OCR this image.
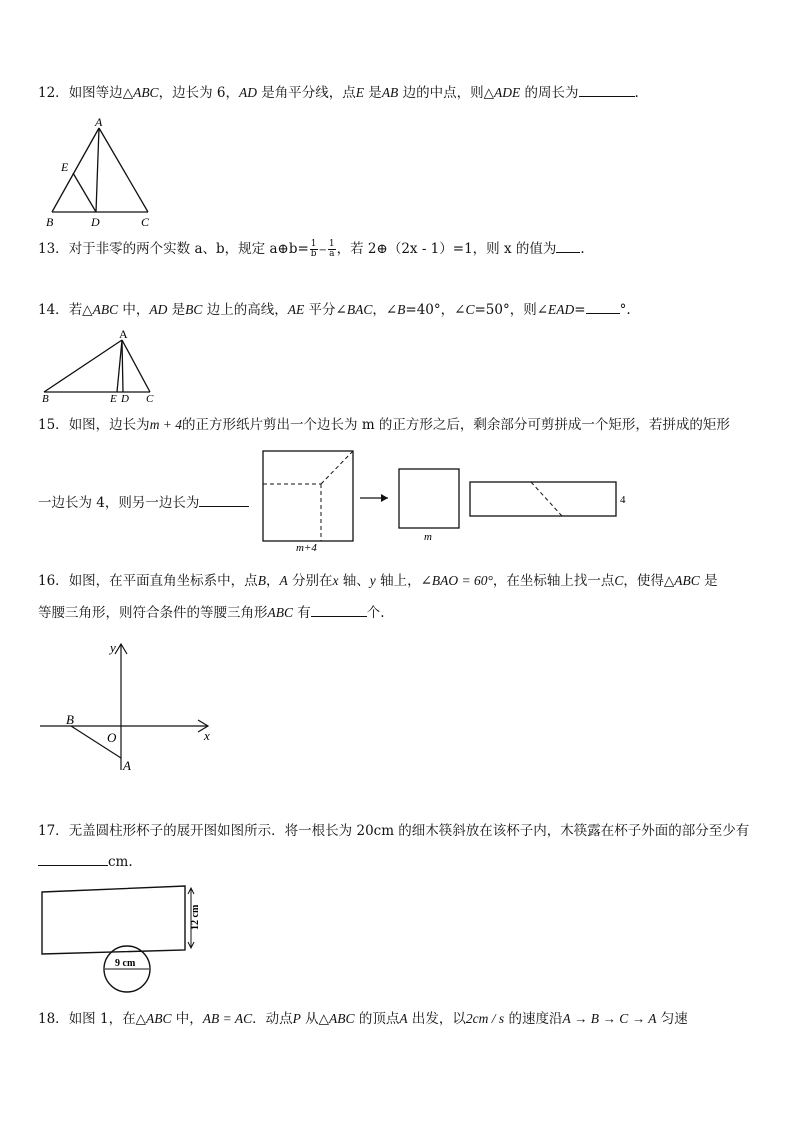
12．如图等边△ABC，边长为 6，AD 是角平分线，点E 是AB 边的中点，则△ADE 的周长为	.
A
E
B	D	C
13．对于非零的两个实数 a、b，规定 a⊕b= $\frac{1}{b} - \frac{1}{a}$ ，若 2⊕（2x - 1）=1，则 x 的值为 .
14．若△ABC 中，AD 是BC 边上的高线，AE 平分∠BAC，∠B=40°，∠C=50°，则∠EAD=	°.
A
B	E D C
15．如图，边长为m + 4的正方形纸片剪出一个边长为 m 的正方形之后，剩余部分可剪拼成一个矩形，若拼成的矩形
一边长为 4，则另一边长为
m+4
m
4
16．如图，在平面直角坐标系中，点B，A 分别在x 轴、y 轴上，∠BAO = 60°，在坐标轴上找一点C，使得△ABC 是
等腰三角形，则符合条件的等腰三角形ABC 有	个.
y
x
B
O
A
17．无盖圆柱形杯子的展开图如图所示．将一根长为 20cm 的细木筷斜放在该杯子内，木筷露在杯子外面的部分至少有
cm.
12 cm
9 cm
18．如图 1，在△ABC 中，AB = AC．动点P 从△ABC 的顶点A 出发，以2cm / s 的速度沿A → B → C → A 匀速
